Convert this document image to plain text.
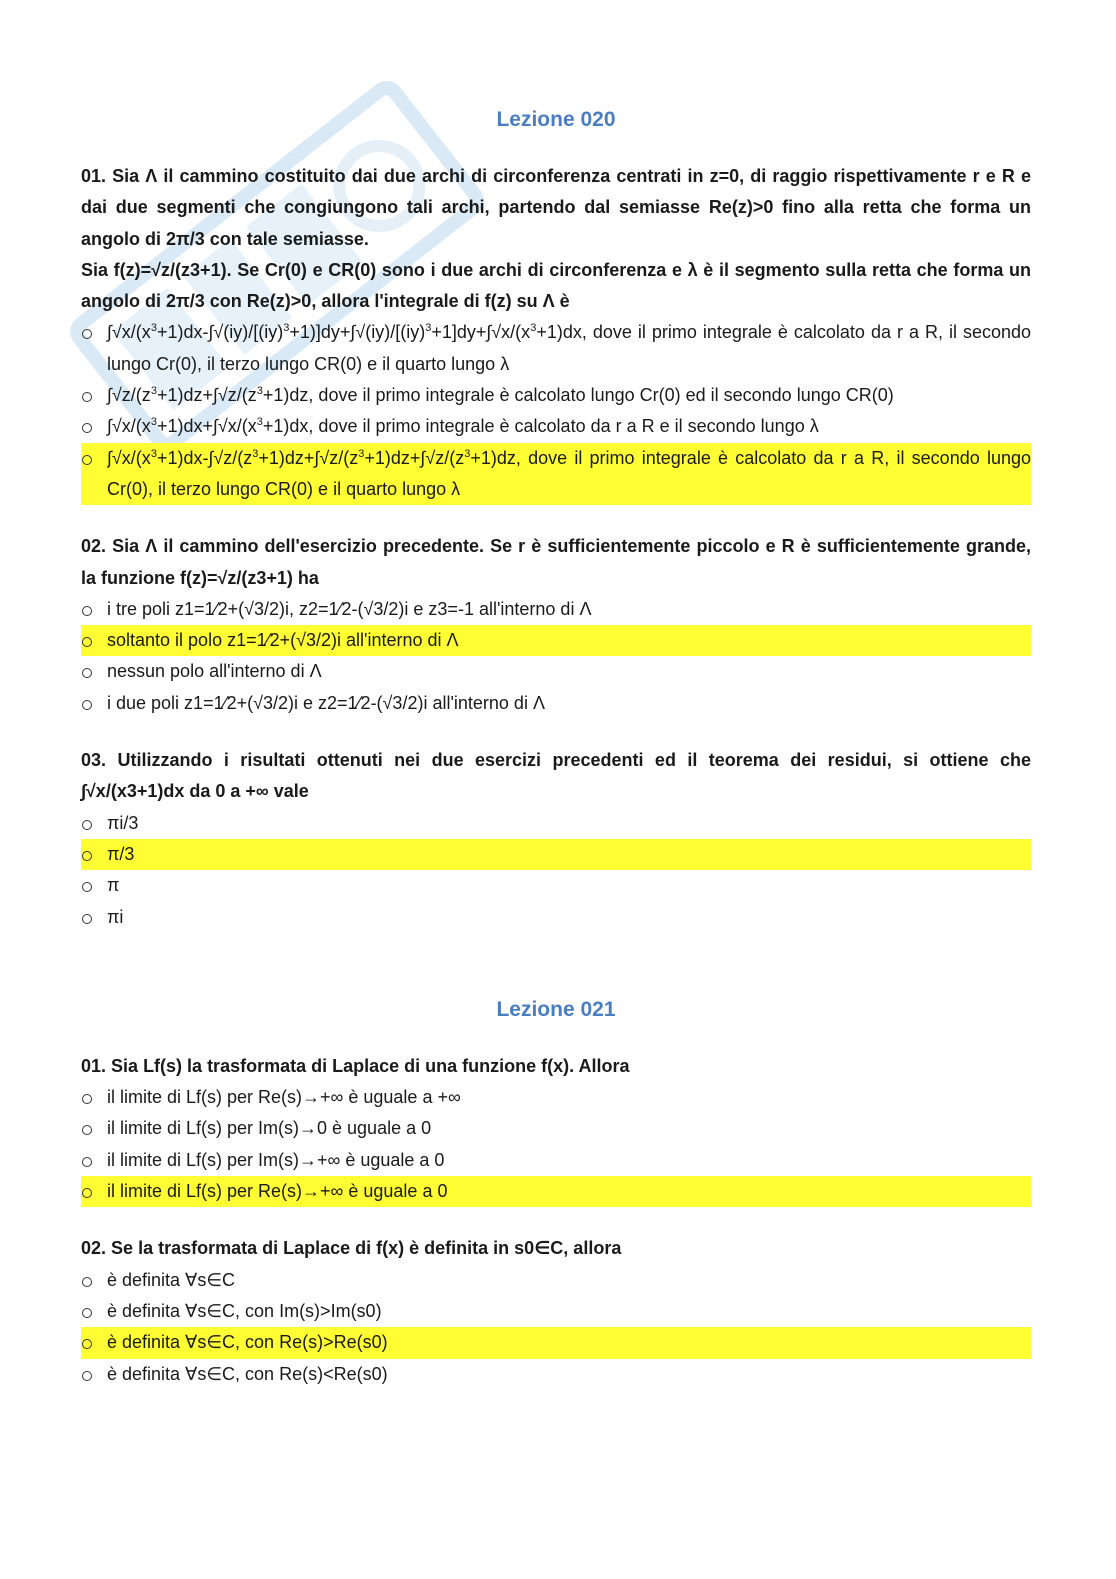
Lezione 020

01. Sia Λ il cammino costituito dai due archi di circonferenza centrati in z=0, di raggio rispettivamente r e R e dai due segmenti che congiungono tali archi, partendo dal semiasse Re(z)>0 fino alla retta che forma un angolo di 2π/3 con tale semiasse.

Sia f(z)=√z/(z3+1). Se Cr(0) e CR(0) sono i due archi di circonferenza e λ è il segmento sulla retta che forma un angolo di 2π/3 con Re(z)>0, allora l'integrale di f(z) su Λ è

$\int√x/(x^3+1)dx-\int√(iy)/[(iy)^3+1)]dy+\int√(iy)/[(iy)^3+1]dy+\int√x/(x^3+1)dx$, dove il primo integrale è calcolato da r a R, il secondo lungo Cr(0), il terzo lungo CR(0) e il quarto lungo λ
$\int√z/(z^3+1)dz+\int√z/(z^3+1)dz$, dove il primo integrale è calcolato lungo Cr(0) ed il secondo lungo CR(0)
$\int√x/(x^3+1)dx+\int√x/(x^3+1)dx$, dove il primo integrale è calcolato da r a R e il secondo lungo λ
$\int√x/(x^3+1)dx-\int√z/(z^3+1)dz+\int√z/(z^3+1)dz+\int√z/(z^3+1)dz$, dove il primo integrale è calcolato da r a R, il secondo lungo Cr(0), il terzo lungo CR(0) e il quarto lungo λ

02. Sia Λ il cammino dell'esercizio precedente. Se r è sufficientemente piccolo e R è sufficientemente grande, la funzione f(z)=√z/(z3+1) ha

i tre poli z1=1⁄2+(√3/2)i, z2=1⁄2-(√3/2)i e z3=-1 all'interno di Λ
soltanto il polo z1=1⁄2+(√3/2)i all'interno di Λ
nessun polo all'interno di Λ
i due poli z1=1⁄2+(√3/2)i e z2=1⁄2-(√3/2)i all'interno di Λ

03. Utilizzando i risultati ottenuti nei due esercizi precedenti ed il teorema dei residui, si ottiene che ∫√x/(x3+1)dx da 0 a +∞ vale

πi/3
π/3
π
πi
Lezione 021

01. Sia Lf(s) la trasformata di Laplace di una funzione f(x). Allora

il limite di Lf(s) per Re(s)→+∞ è uguale a +∞
il limite di Lf(s) per Im(s)→0 è uguale a 0
il limite di Lf(s) per Im(s)→+∞ è uguale a 0
il limite di Lf(s) per Re(s)→+∞ è uguale a 0

02. Se la trasformata di Laplace di f(x) è definita in s0∈C, allora

è definita ∀s∈C
è definita ∀s∈C, con Im(s)>Im(s0)
è definita ∀s∈C, con Re(s)>Re(s0)
è definita ∀s∈C, con Re(s)<Re(s0)
